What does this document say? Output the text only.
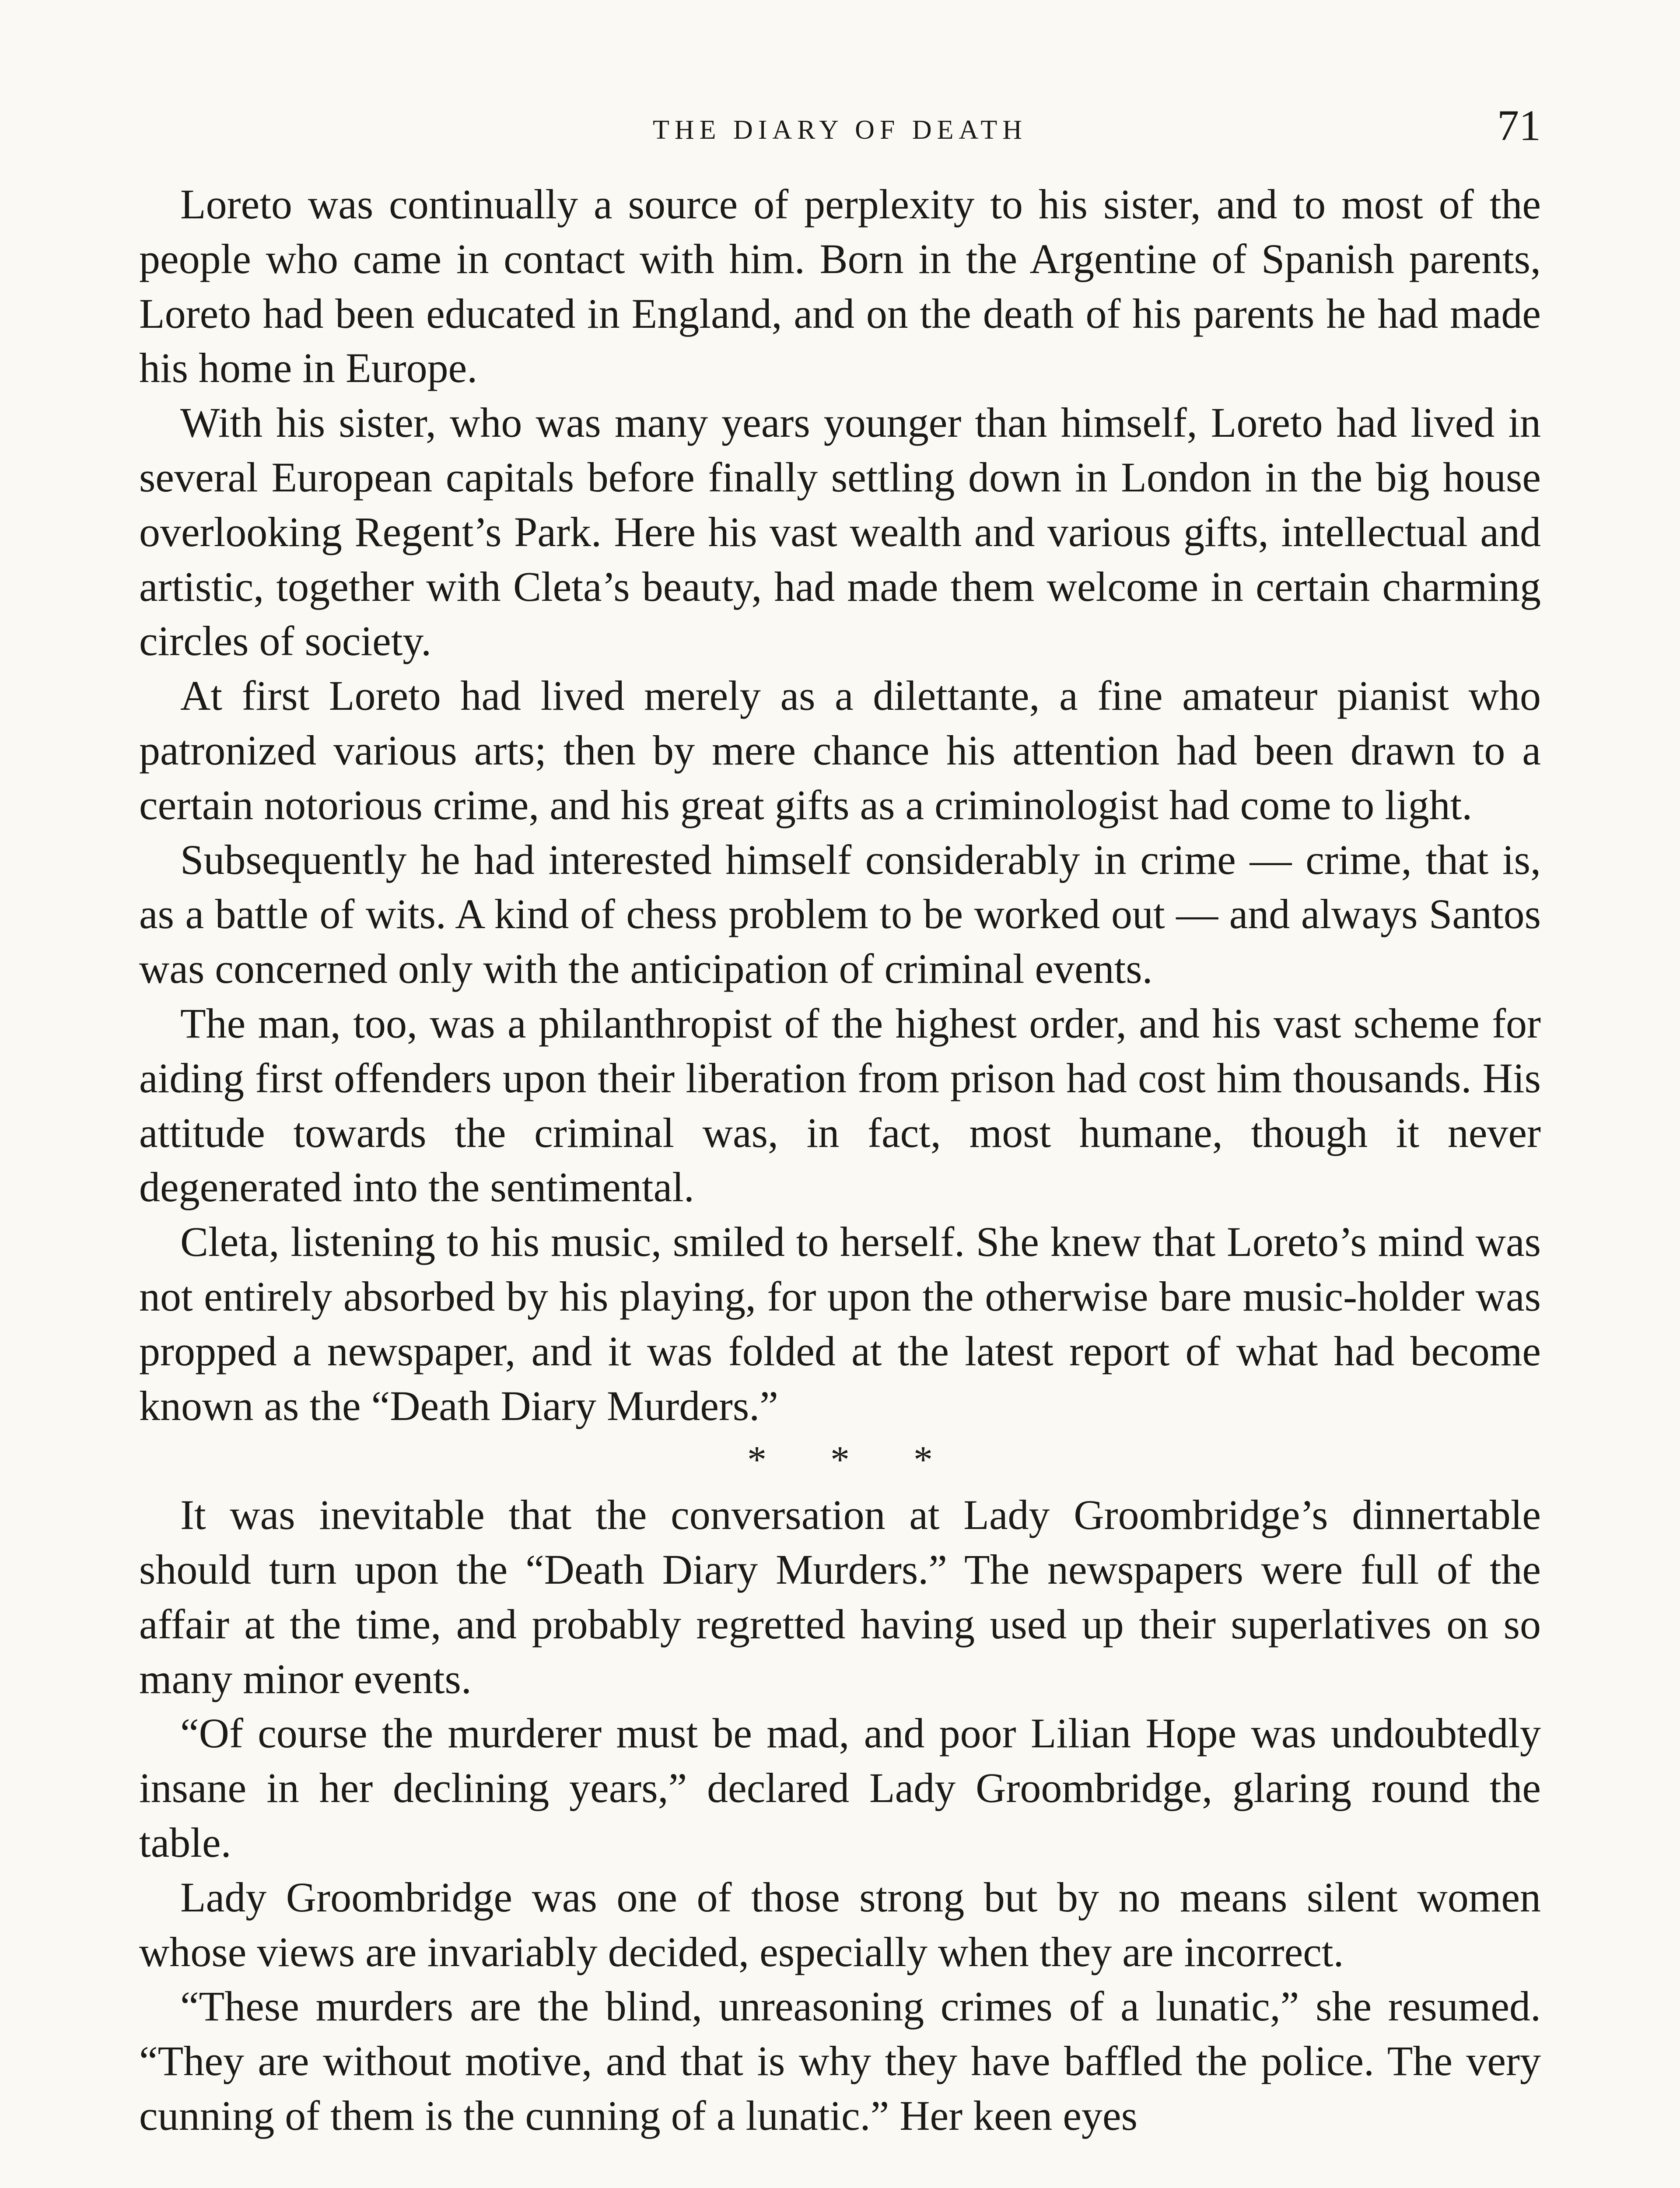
THE DIARY OF DEATH	71

Loreto was continually a source of perplexity to his sister, and to most of the people who came in contact with him. Born in the Argentine of Spanish parents, Loreto had been educated in England, and on the death of his parents he had made his home in Europe.

With his sister, who was many years younger than himself, Loreto had lived in several European capitals before finally settling down in London in the big house overlooking Regent’s Park. Here his vast wealth and various gifts, intellectual and artistic, together with Cleta’s beauty, had made them welcome in certain charming circles of society.

At first Loreto had lived merely as a dilettante, a fine amateur pianist who patronized various arts; then by mere chance his attention had been drawn to a certain notorious crime, and his great gifts as a criminologist had come to light.

Subsequently he had interested himself considerably in crime — crime, that is, as a battle of wits. A kind of chess problem to be worked out — and always Santos was concerned only with the anticipation of criminal events.

The man, too, was a philanthropist of the highest order, and his vast scheme for aiding first offenders upon their liberation from prison had cost him thousands. His attitude towards the criminal was, in fact, most humane, though it never degenerated into the sentimental.

Cleta, listening to his music, smiled to herself. She knew that Loreto’s mind was not entirely absorbed by his playing, for upon the otherwise bare music-holder was propped a newspaper, and it was folded at the latest report of what had become known as the “Death Diary Murders.”

* * *

It was inevitable that the conversation at Lady Groombridge’s dinnertable should turn upon the “Death Diary Murders.” The newspapers were full of the affair at the time, and probably regretted having used up their superlatives on so many minor events.

“Of course the murderer must be mad, and poor Lilian Hope was undoubtedly insane in her declining years,” declared Lady Groombridge, glaring round the table.

Lady Groombridge was one of those strong but by no means silent women whose views are invariably decided, especially when they are incorrect.

“These murders are the blind, unreasoning crimes of a lunatic,” she resumed. “They are without motive, and that is why they have baffled the police. The very cunning of them is the cunning of a lunatic.” Her keen eyes
